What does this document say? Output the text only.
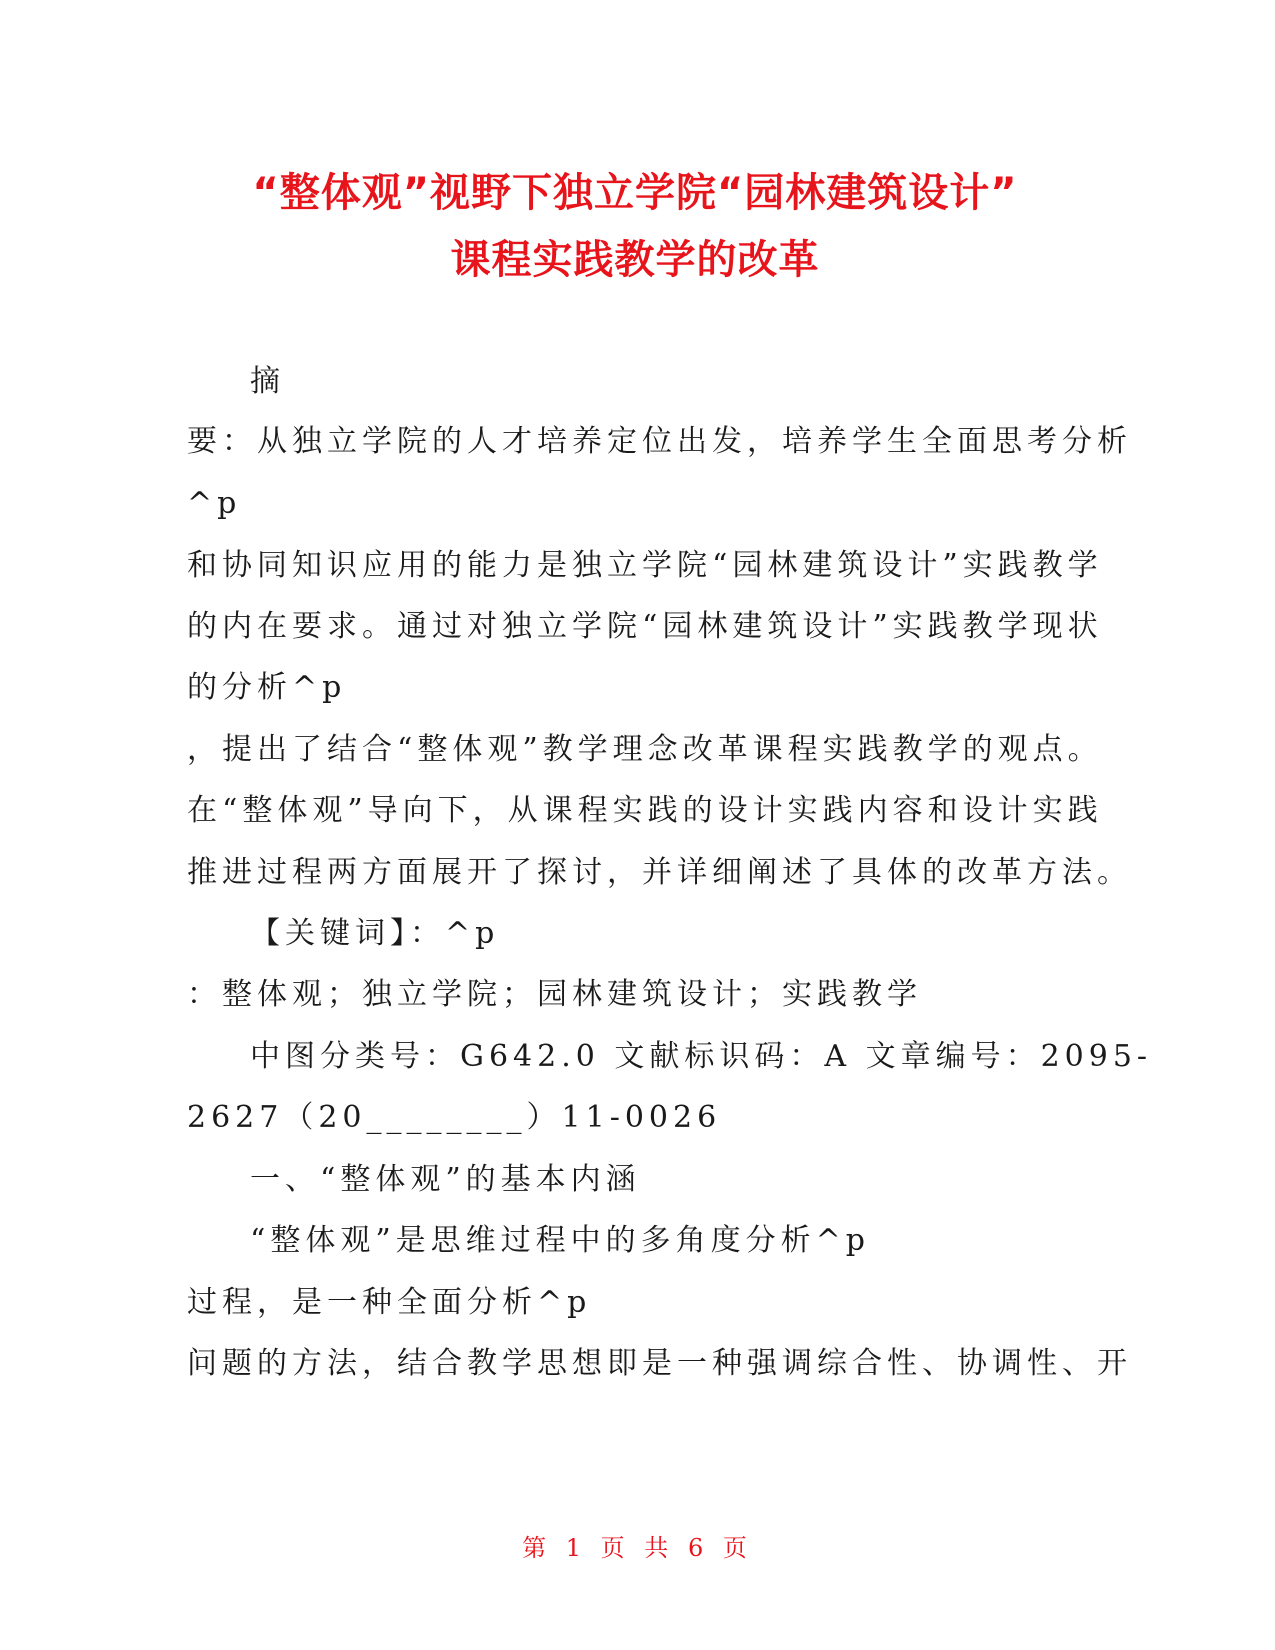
“整体观”视野下独立学院“园林建筑设计”
课程实践教学的改革

摘

要：从独立学院的人才培养定位出发，培养学生全面思考分析

^p

和协同知识应用的能力是独立学院“园林建筑设计”实践教学

的内在要求。通过对独立学院“园林建筑设计”实践教学现状

的分析^p

，提出了结合“整体观”教学理念改革课程实践教学的观点。

在“整体观”导向下，从课程实践的设计实践内容和设计实践

推进过程两方面展开了探讨，并详细阐述了具体的改革方法。

【关键词】：^p

：整体观；独立学院；园林建筑设计；实践教学

中图分类号：G642.0 文献标识码：A 文章编号：2095-

2627（20________）11-0026

一、“整体观”的基本内涵

“整体观”是思维过程中的多角度分析^p

过程，是一种全面分析^p

问题的方法，结合教学思想即是一种强调综合性、协调性、开

第 1 页 共 6 页
